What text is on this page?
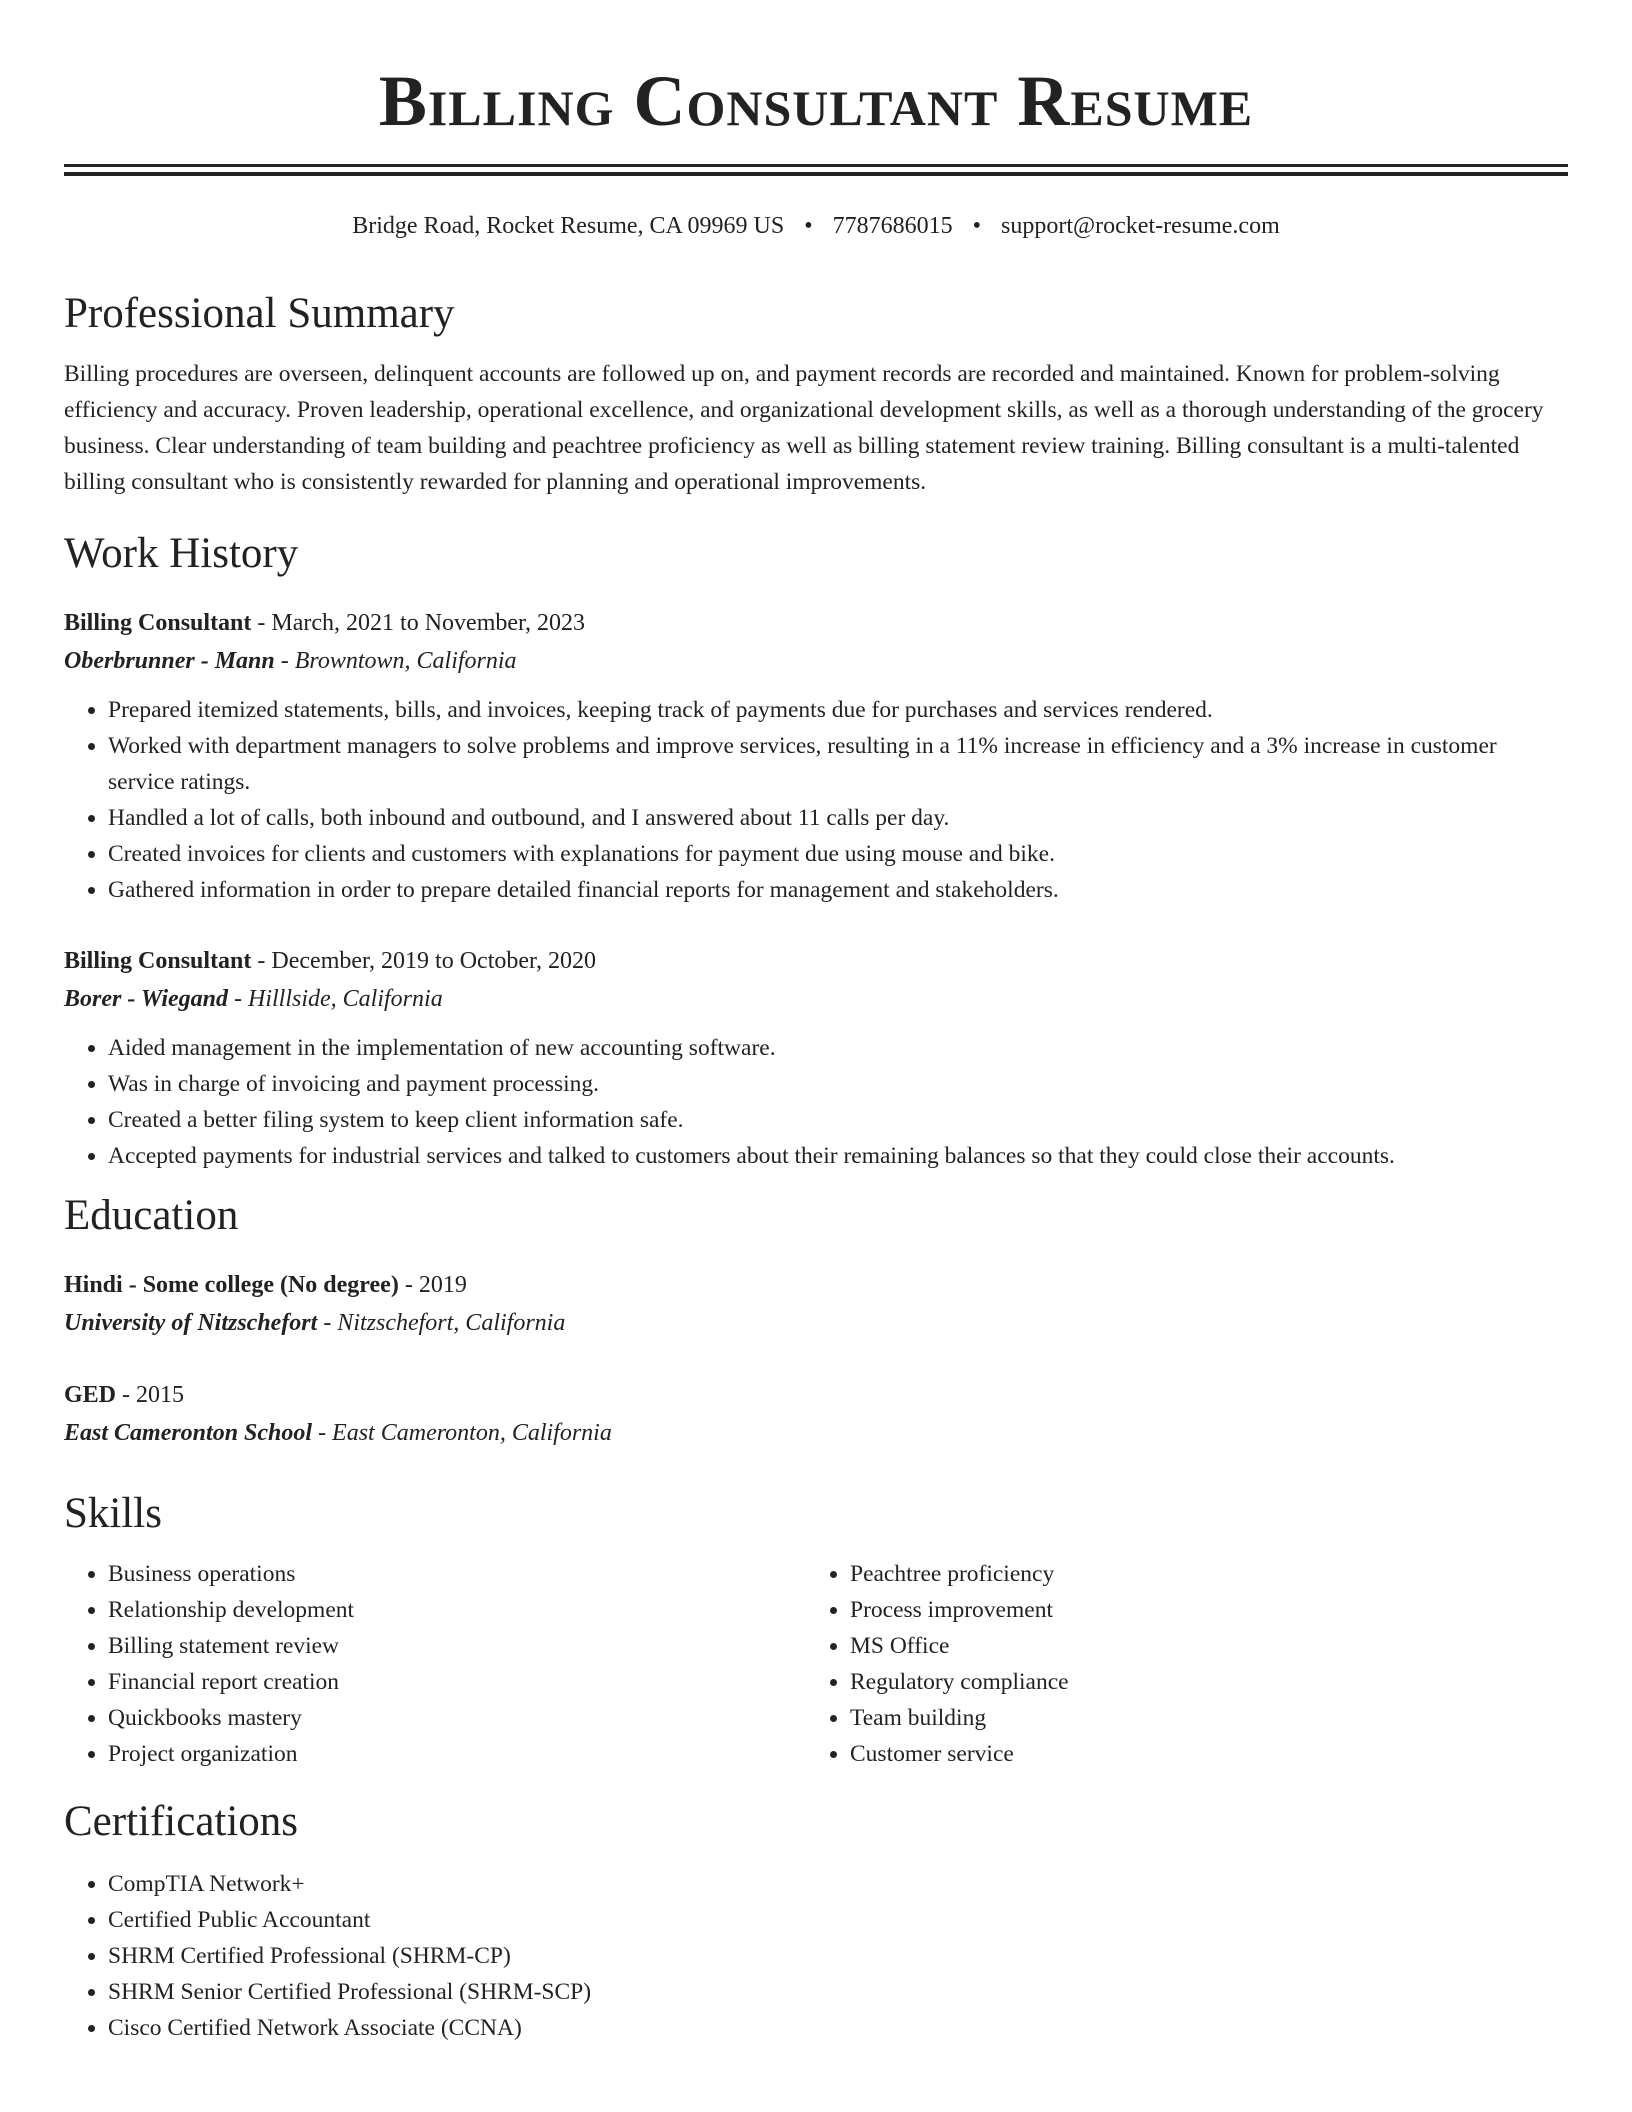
Billing Consultant Resume
Bridge Road, Rocket Resume, CA 09969 US • 7787686015 • support@rocket-resume.com
Professional Summary
Billing procedures are overseen, delinquent accounts are followed up on, and payment records are recorded and maintained. Known for problem-solving efficiency and accuracy. Proven leadership, operational excellence, and organizational development skills, as well as a thorough understanding of the grocery business. Clear understanding of team building and peachtree proficiency as well as billing statement review training. Billing consultant is a multi-talented billing consultant who is consistently rewarded for planning and operational improvements.
Work History
Billing Consultant - March, 2021 to November, 2023
Oberbrunner - Mann - Browntown, California
• Prepared itemized statements, bills, and invoices, keeping track of payments due for purchases and services rendered.
• Worked with department managers to solve problems and improve services, resulting in a 11% increase in efficiency and a 3% increase in customer service ratings.
• Handled a lot of calls, both inbound and outbound, and I answered about 11 calls per day.
• Created invoices for clients and customers with explanations for payment due using mouse and bike.
• Gathered information in order to prepare detailed financial reports for management and stakeholders.
Billing Consultant - December, 2019 to October, 2020
Borer - Wiegand - Hilllside, California
• Aided management in the implementation of new accounting software.
• Was in charge of invoicing and payment processing.
• Created a better filing system to keep client information safe.
• Accepted payments for industrial services and talked to customers about their remaining balances so that they could close their accounts.
Education
Hindi - Some college (No degree) - 2019
University of Nitzschefort - Nitzschefort, California
GED - 2015
East Cameronton School - East Cameronton, California
Skills
• Business operations
• Relationship development
• Billing statement review
• Financial report creation
• Quickbooks mastery
• Project organization
• Peachtree proficiency
• Process improvement
• MS Office
• Regulatory compliance
• Team building
• Customer service
Certifications
• CompTIA Network+
• Certified Public Accountant
• SHRM Certified Professional (SHRM-CP)
• SHRM Senior Certified Professional (SHRM-SCP)
• Cisco Certified Network Associate (CCNA)
